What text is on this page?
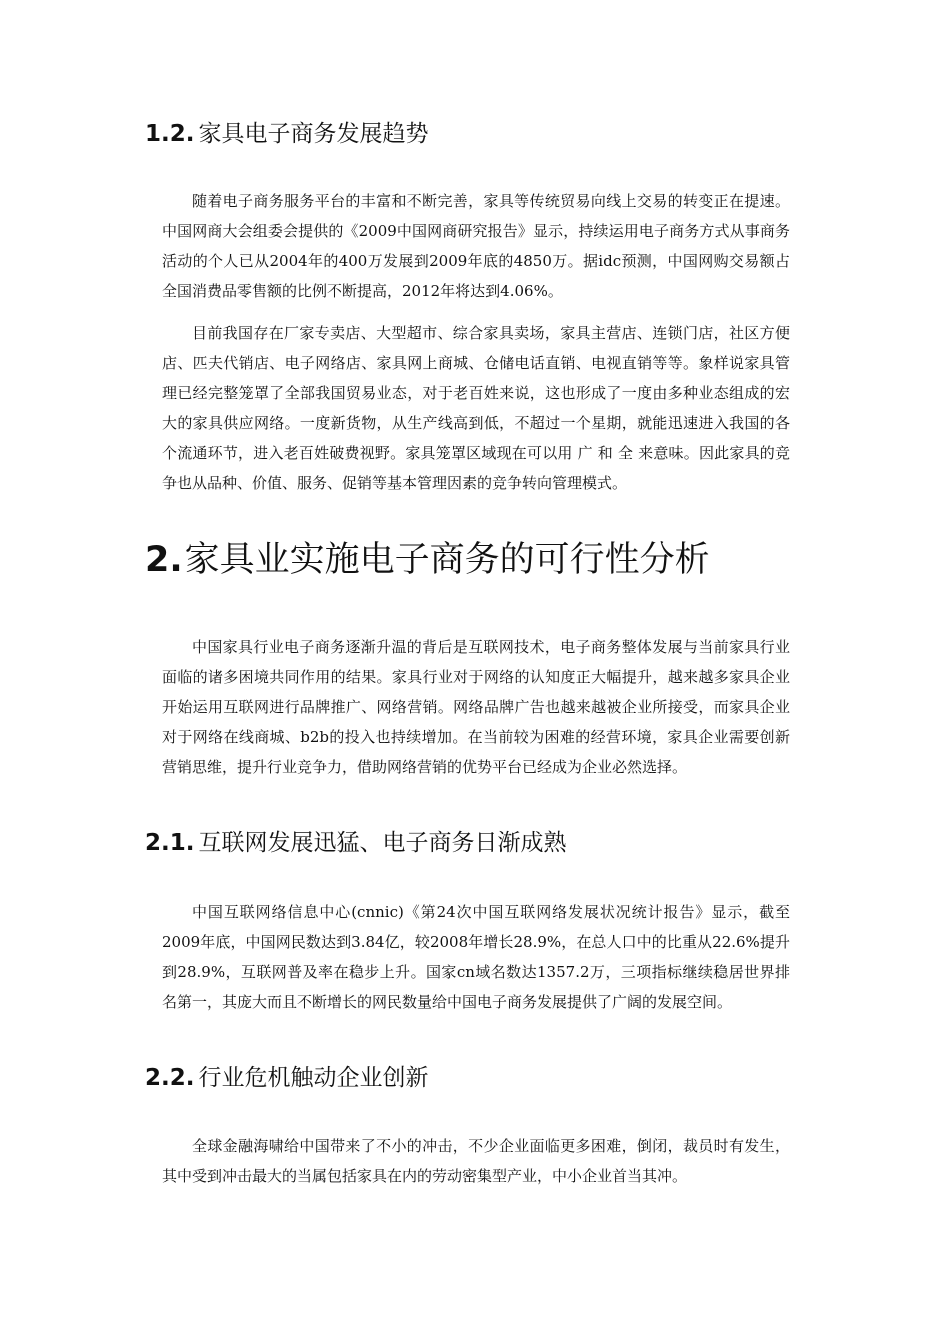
1.2. 家具电子商务发展趋势

随着电子商务服务平台的丰富和不断完善，家具等传统贸易向线上交易的转变正在提速。中国网商大会组委会提供的《2009中国网商研究报告》显示，持续运用电子商务方式从事商务活动的个人已从2004年的400万发展到2009年底的4850万。据idc预测，中国网购交易额占全国消费品零售额的比例不断提高，2012年将达到4.06%。

目前我国存在厂家专卖店、大型超市、综合家具卖场，家具主营店、连锁门店，社区方便店、匹夫代销店、电子网络店、家具网上商城、仓储电话直销、电视直销等等。象样说家具管理已经完整笼罩了全部我国贸易业态，对于老百姓来说，这也形成了一度由多种业态组成的宏大的家具供应网络。一度新货物，从生产线高到低，不超过一个星期，就能迅速进入我国的各个流通环节，进入老百姓破费视野。家具笼罩区域现在可以用 广 和 全 来意味。因此家具的竞争也从品种、价值、服务、促销等基本管理因素的竞争转向管理模式。

2.家具业实施电子商务的可行性分析

中国家具行业电子商务逐渐升温的背后是互联网技术，电子商务整体发展与当前家具行业面临的诸多困境共同作用的结果。家具行业对于网络的认知度正大幅提升，越来越多家具企业开始运用互联网进行品牌推广、网络营销。网络品牌广告也越来越被企业所接受，而家具企业对于网络在线商城、b2b的投入也持续增加。在当前较为困难的经营环境，家具企业需要创新营销思维，提升行业竞争力，借助网络营销的优势平台已经成为企业必然选择。

2.1. 互联网发展迅猛、电子商务日渐成熟

中国互联网络信息中心(cnnic)《第24次中国互联网络发展状况统计报告》显示，截至2009年底，中国网民数达到3.84亿，较2008年增长28.9%，在总人口中的比重从22.6%提升到28.9%，互联网普及率在稳步上升。国家cn域名数达1357.2万，三项指标继续稳居世界排名第一，其庞大而且不断增长的网民数量给中国电子商务发展提供了广阔的发展空间。

2.2. 行业危机触动企业创新

全球金融海啸给中国带来了不小的冲击，不少企业面临更多困难，倒闭，裁员时有发生，其中受到冲击最大的当属包括家具在内的劳动密集型产业，中小企业首当其冲。
